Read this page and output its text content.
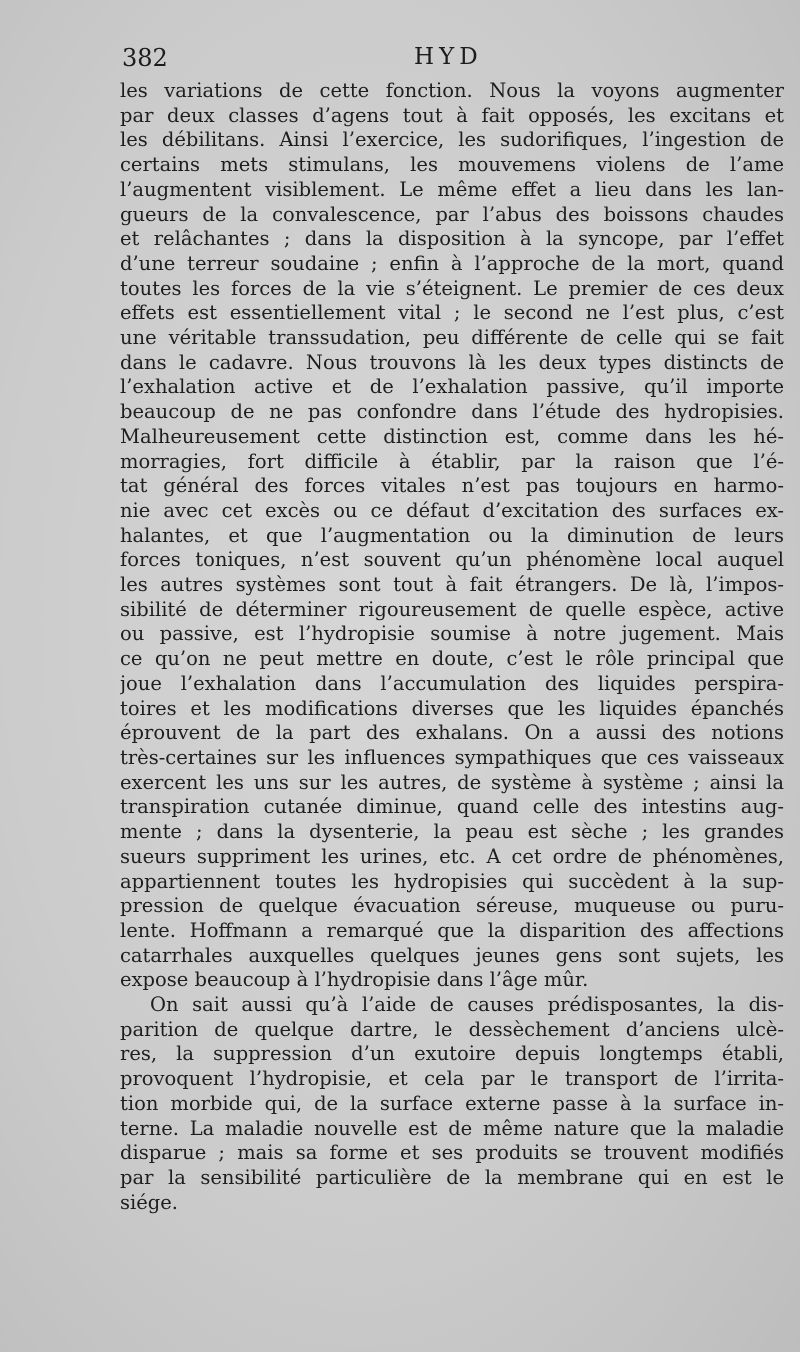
382	HYD

les variations de cette fonction. Nous la voyons augmenter
par deux classes d’agens tout à fait opposés, les excitans et
les débilitans. Ainsi l’exercice, les sudorifiques, l’ingestion de
certains mets stimulans, les mouvemens violens de l’ame
l’augmentent visiblement. Le même effet a lieu dans les lan-
gueurs de la convalescence, par l’abus des boissons chaudes
et relâchantes ; dans la disposition à la syncope, par l’effet
d’une terreur soudaine ; enfin à l’approche de la mort, quand
toutes les forces de la vie s’éteignent. Le premier de ces deux
effets est essentiellement vital ; le second ne l’est plus, c’est
une véritable transsudation, peu différente de celle qui se fait
dans le cadavre. Nous trouvons là les deux types distincts de
l’exhalation active et de l’exhalation passive, qu’il importe
beaucoup de ne pas confondre dans l’étude des hydropisies.
Malheureusement cette distinction est, comme dans les hé-
morragies, fort difficile à établir, par la raison que l’é-
tat général des forces vitales n’est pas toujours en harmo-
nie avec cet excès ou ce défaut d’excitation des surfaces ex-
halantes, et que l’augmentation ou la diminution de leurs
forces toniques, n’est souvent qu’un phénomène local auquel
les autres systèmes sont tout à fait étrangers. De là, l’impos-
sibilité de déterminer rigoureusement de quelle espèce, active
ou passive, est l’hydropisie soumise à notre jugement. Mais
ce qu’on ne peut mettre en doute, c’est le rôle principal que
joue l’exhalation dans l’accumulation des liquides perspira-
toires et les modifications diverses que les liquides épanchés
éprouvent de la part des exhalans. On a aussi des notions
très-certaines sur les influences sympathiques que ces vaisseaux
exercent les uns sur les autres, de système à système ; ainsi la
transpiration cutanée diminue, quand celle des intestins aug-
mente ; dans la dysenterie, la peau est sèche ; les grandes
sueurs suppriment les urines, etc. A cet ordre de phénomènes,
appartiennent toutes les hydropisies qui succèdent à la sup-
pression de quelque évacuation séreuse, muqueuse ou puru-
lente. Hoffmann a remarqué que la disparition des affections
catarrhales auxquelles quelques jeunes gens sont sujets, les
expose beaucoup à l’hydropisie dans l’âge mûr.

On sait aussi qu’à l’aide de causes prédisposantes, la dis-
parition de quelque dartre, le dessèchement d’anciens ulcè-
res, la suppression d’un exutoire depuis longtemps établi,
provoquent l’hydropisie, et cela par le transport de l’irrita-
tion morbide qui, de la surface externe passe à la surface in-
terne. La maladie nouvelle est de même nature que la maladie
disparue ; mais sa forme et ses produits se trouvent modifiés
par la sensibilité particulière de la membrane qui en est le
siége.
